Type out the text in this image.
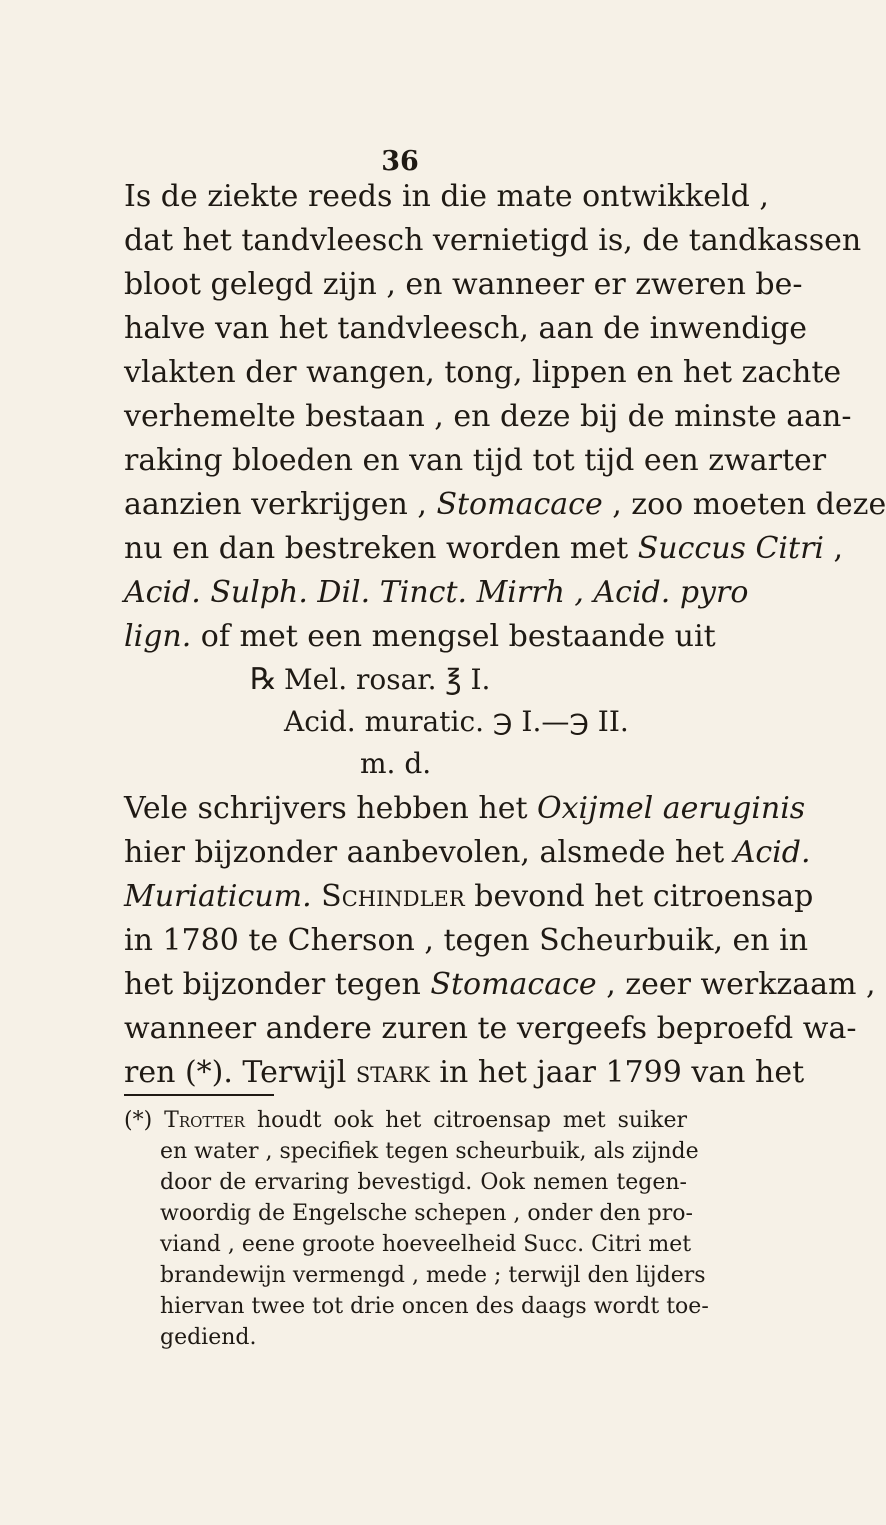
36
Is de ziekte reeds in die mate ontwikkeld ,
dat het tandvleesch vernietigd is, de tandkassen
bloot gelegd zijn , en wanneer er zweren be-
halve van het tandvleesch, aan de inwendige
vlakten der wangen, tong, lippen en het zachte
verhemelte bestaan , en deze bij de minste aan-
raking bloeden en van tijd tot tijd een zwarter
aanzien verkrijgen , Stomacace , zoo moeten deze
nu en dan bestreken worden met Succus Citri ,
Acid. Sulph. Dil. Tinct. Mirrh , Acid. pyro
lign. of met een mengsel bestaande uit
℞ Mel. rosar. ℥ I.
Acid. muratic. ℈ I.—℈ II.
m. d.
Vele schrijvers hebben het Oxijmel aeruginis
hier bijzonder aanbevolen, alsmede het Acid.
Muriaticum. Schindler bevond het citroensap
in 1780 te Cherson , tegen Scheurbuik, en in
het bijzonder tegen Stomacace , zeer werkzaam ,
wanneer andere zuren te vergeefs beproefd wa-
ren (*). Terwijl stark in het jaar 1799 van het
(*) Trotter houdt ook het citroensap met suiker
en water , specifiek tegen scheurbuik, als zijnde
door de ervaring bevestigd. Ook nemen tegen-
woordig de Engelsche schepen , onder den pro-
viand , eene groote hoeveelheid Succ. Citri met
brandewijn vermengd , mede ; terwijl den lijders
hiervan twee tot drie oncen des daags wordt toe-
gediend.
